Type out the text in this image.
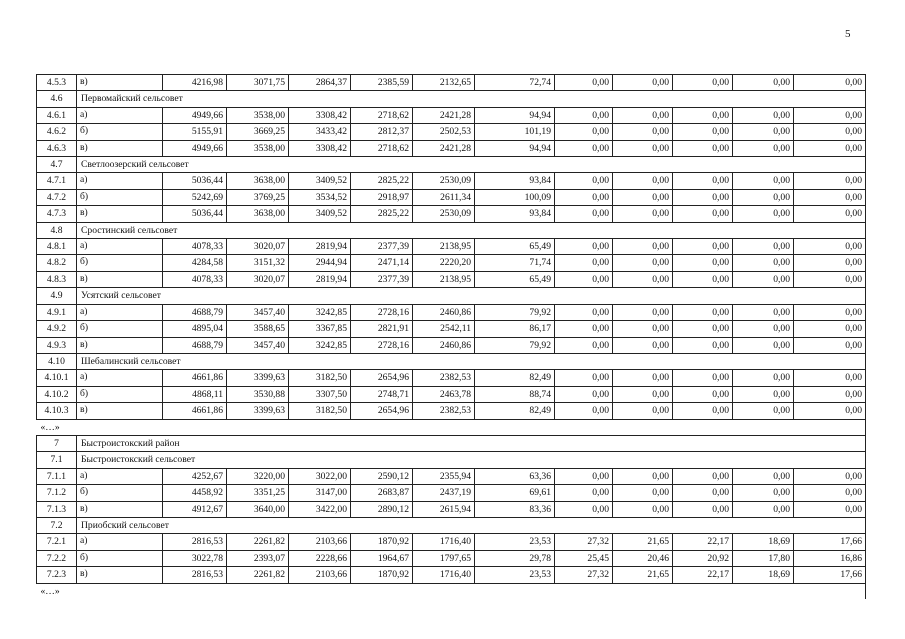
5
4.5.3	в)	4216,98	3071,75	2864,37	2385,59	2132,65	72,74	0,00	0,00	0,00	0,00	0,00
4.6	Первомайский сельсовет											
4.6.1	а)	4949,66	3538,00	3308,42	2718,62	2421,28	94,94	0,00	0,00	0,00	0,00	0,00
4.6.2	б)	5155,91	3669,25	3433,42	2812,37	2502,53	101,19	0,00	0,00	0,00	0,00	0,00
4.6.3	в)	4949,66	3538,00	3308,42	2718,62	2421,28	94,94	0,00	0,00	0,00	0,00	0,00
4.7	Светлоозерский сельсовет											
4.7.1	а)	5036,44	3638,00	3409,52	2825,22	2530,09	93,84	0,00	0,00	0,00	0,00	0,00
4.7.2	б)	5242,69	3769,25	3534,52	2918,97	2611,34	100,09	0,00	0,00	0,00	0,00	0,00
4.7.3	в)	5036,44	3638,00	3409,52	2825,22	2530,09	93,84	0,00	0,00	0,00	0,00	0,00
4.8	Сростинский сельсовет											
4.8.1	а)	4078,33	3020,07	2819,94	2377,39	2138,95	65,49	0,00	0,00	0,00	0,00	0,00
4.8.2	б)	4284,58	3151,32	2944,94	2471,14	2220,20	71,74	0,00	0,00	0,00	0,00	0,00
4.8.3	в)	4078,33	3020,07	2819,94	2377,39	2138,95	65,49	0,00	0,00	0,00	0,00	0,00
4.9	Усятский сельсовет											
4.9.1	а)	4688,79	3457,40	3242,85	2728,16	2460,86	79,92	0,00	0,00	0,00	0,00	0,00
4.9.2	б)	4895,04	3588,65	3367,85	2821,91	2542,11	86,17	0,00	0,00	0,00	0,00	0,00
4.9.3	в)	4688,79	3457,40	3242,85	2728,16	2460,86	79,92	0,00	0,00	0,00	0,00	0,00
4.10	Шебалинский сельсовет											
4.10.1	а)	4661,86	3399,63	3182,50	2654,96	2382,53	82,49	0,00	0,00	0,00	0,00	0,00
4.10.2	б)	4868,11	3530,88	3307,50	2748,71	2463,78	88,74	0,00	0,00	0,00	0,00	0,00
4.10.3	в)	4661,86	3399,63	3182,50	2654,96	2382,53	82,49	0,00	0,00	0,00	0,00	0,00
«…»												
7	Быстроистокский район											
7.1	Быстроистокский сельсовет											
7.1.1	а)	4252,67	3220,00	3022,00	2590,12	2355,94	63,36	0,00	0,00	0,00	0,00	0,00
7.1.2	б)	4458,92	3351,25	3147,00	2683,87	2437,19	69,61	0,00	0,00	0,00	0,00	0,00
7.1.3	в)	4912,67	3640,00	3422,00	2890,12	2615,94	83,36	0,00	0,00	0,00	0,00	0,00
7.2	Приобский сельсовет											
7.2.1	а)	2816,53	2261,82	2103,66	1870,92	1716,40	23,53	27,32	21,65	22,17	18,69	17,66
7.2.2	б)	3022,78	2393,07	2228,66	1964,67	1797,65	29,78	25,45	20,46	20,92	17,80	16,86
7.2.3	в)	2816,53	2261,82	2103,66	1870,92	1716,40	23,53	27,32	21,65	22,17	18,69	17,66
«…»												
